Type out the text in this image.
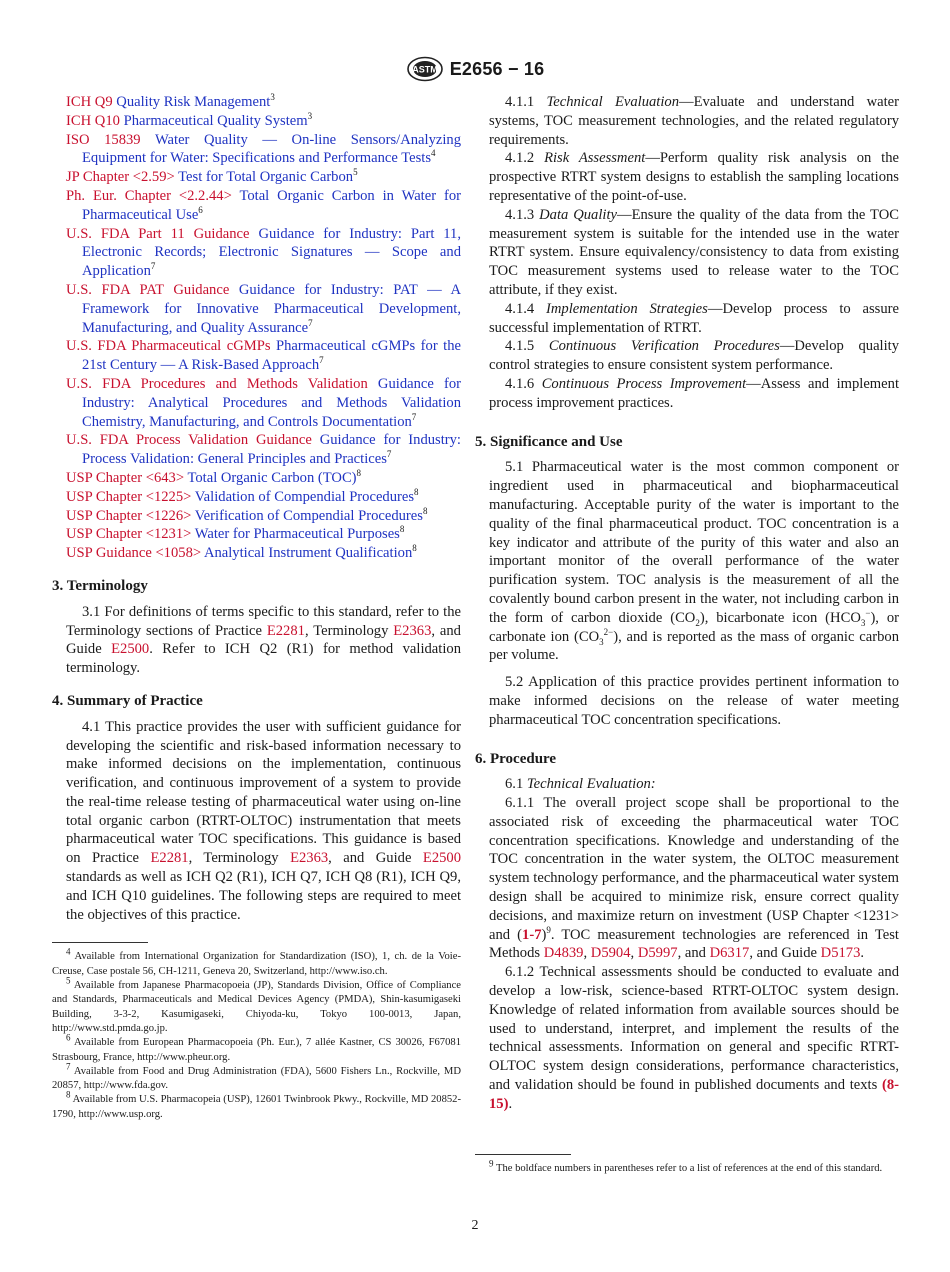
ASTM E2656 − 16

ICH Q9 Quality Risk Management$^3$

ICH Q10 Pharmaceutical Quality System$^3$

ISO 15839 Water Quality — On-line Sensors/Analyzing Equipment for Water: Specifications and Performance Tests$^4$

JP Chapter <2.59> Test for Total Organic Carbon$^5$

Ph. Eur. Chapter <2.2.44> Total Organic Carbon in Water for Pharmaceutical Use$^6$

U.S. FDA Part 11 Guidance Guidance for Industry: Part 11, Electronic Records; Electronic Signatures — Scope and Application$^7$

U.S. FDA PAT Guidance Guidance for Industry: PAT — A Framework for Innovative Pharmaceutical Development, Manufacturing, and Quality Assurance$^7$

U.S. FDA Pharmaceutical cGMPs Pharmaceutical cGMPs for the 21st Century — A Risk-Based Approach$^7$

U.S. FDA Procedures and Methods Validation Guidance for Industry: Analytical Procedures and Methods Validation Chemistry, Manufacturing, and Controls Documentation$^7$

U.S. FDA Process Validation Guidance Guidance for Industry: Process Validation: General Principles and Practices$^7$

USP Chapter <643> Total Organic Carbon (TOC)$^8$

USP Chapter <1225> Validation of Compendial Procedures$^8$

USP Chapter <1226> Verification of Compendial Procedures$^8$

USP Chapter <1231> Water for Pharmaceutical Purposes$^8$

USP Guidance <1058> Analytical Instrument Qualification$^8$

3. Terminology

3.1 For definitions of terms specific to this standard, refer to the Terminology sections of Practice E2281, Terminology E2363, and Guide E2500. Refer to ICH Q2 (R1) for method validation terminology.

4. Summary of Practice

4.1 This practice provides the user with sufficient guidance for developing the scientific and risk-based information necessary to make informed decisions on the implementation, continuous verification, and continuous improvement of a system to provide the real-time release testing of pharmaceutical water using on-line total organic carbon (RTRT-OLTOC) instrumentation that meets pharmaceutical water TOC specifications. This guidance is based on Practice E2281, Terminology E2363, and Guide E2500 standards as well as ICH Q2 (R1), ICH Q7, ICH Q8 (R1), ICH Q9, and ICH Q10 guidelines. The following steps are required to meet the objectives of this practice.

$^4$ Available from International Organization for Standardization (ISO), 1, ch. de la Voie-Creuse, Case postale 56, CH-1211, Geneva 20, Switzerland, http://www.iso.ch.

$^5$ Available from Japanese Pharmacopoeia (JP), Standards Division, Office of Compliance and Standards, Pharmaceuticals and Medical Devices Agency (PMDA), Shin-kasumigaseki Building, 3-3-2, Kasumigaseki, Chiyoda-ku, Tokyo 100-0013, Japan, http://www.std.pmda.go.jp.

$^6$ Available from European Pharmacopoeia (Ph. Eur.), 7 allée Kastner, CS 30026, F67081 Strasbourg, France, http://www.pheur.org.

$^7$ Available from Food and Drug Administration (FDA), 5600 Fishers Ln., Rockville, MD 20857, http://www.fda.gov.

$^8$ Available from U.S. Pharmacopeia (USP), 12601 Twinbrook Pkwy., Rockville, MD 20852-1790, http://www.usp.org.

4.1.1 Technical Evaluation—Evaluate and understand water systems, TOC measurement technologies, and the related regulatory requirements.

4.1.2 Risk Assessment—Perform quality risk analysis on the prospective RTRT system designs to establish the sampling locations representative of the point-of-use.

4.1.3 Data Quality—Ensure the quality of the data from the TOC measurement system is suitable for the intended use in the water RTRT system. Ensure equivalency/consistency to data from existing TOC measurement systems used to release water to the TOC attribute, if they exist.

4.1.4 Implementation Strategies—Develop process to assure successful implementation of RTRT.

4.1.5 Continuous Verification Procedures—Develop quality control strategies to ensure consistent system performance.

4.1.6 Continuous Process Improvement—Assess and implement process improvement practices.

5. Significance and Use

5.1 Pharmaceutical water is the most common component or ingredient used in pharmaceutical and biopharmaceutical manufacturing. Acceptable purity of the water is important to the quality of the final pharmaceutical product. TOC concentration is a key indicator and attribute of the purity of this water and also an important monitor of the overall performance of the water purification system. TOC analysis is the measurement of all the covalently bound carbon present in the water, not including carbon in the form of carbon dioxide $(CO_2)$, bicarbonate icon $(HCO_3^-)$, or carbonate ion $(CO_3^{2-})$, and is reported as the mass of organic carbon per volume.

5.2 Application of this practice provides pertinent information to make informed decisions on the release of water meeting pharmaceutical TOC concentration specifications.

6. Procedure

6.1 Technical Evaluation:

6.1.1 The overall project scope shall be proportional to the associated risk of exceeding the pharmaceutical water TOC concentration specifications. Knowledge and understanding of the TOC concentration in the water system, the OLTOC measurement system technology performance, and the pharmaceutical water system design shall be acquired to minimize risk, ensure correct quality decisions, and maximize return on investment (USP Chapter <1231> and $(1-7)^9$. TOC measurement technologies are referenced in Test Methods D4839, D5904, D5997, and D6317, and Guide D5173.

6.1.2 Technical assessments should be conducted to evaluate and develop a low-risk, science-based RTRT-OLTOC system design. Knowledge of related information from available sources should be used to understand, interpret, and implement the results of the technical assessments. Information on general and specific RTRT-OLTOC system design considerations, performance characteristics, and validation should be found in published documents and texts (8-15).

$^9$ The boldface numbers in parentheses refer to a list of references at the end of this standard.

2
